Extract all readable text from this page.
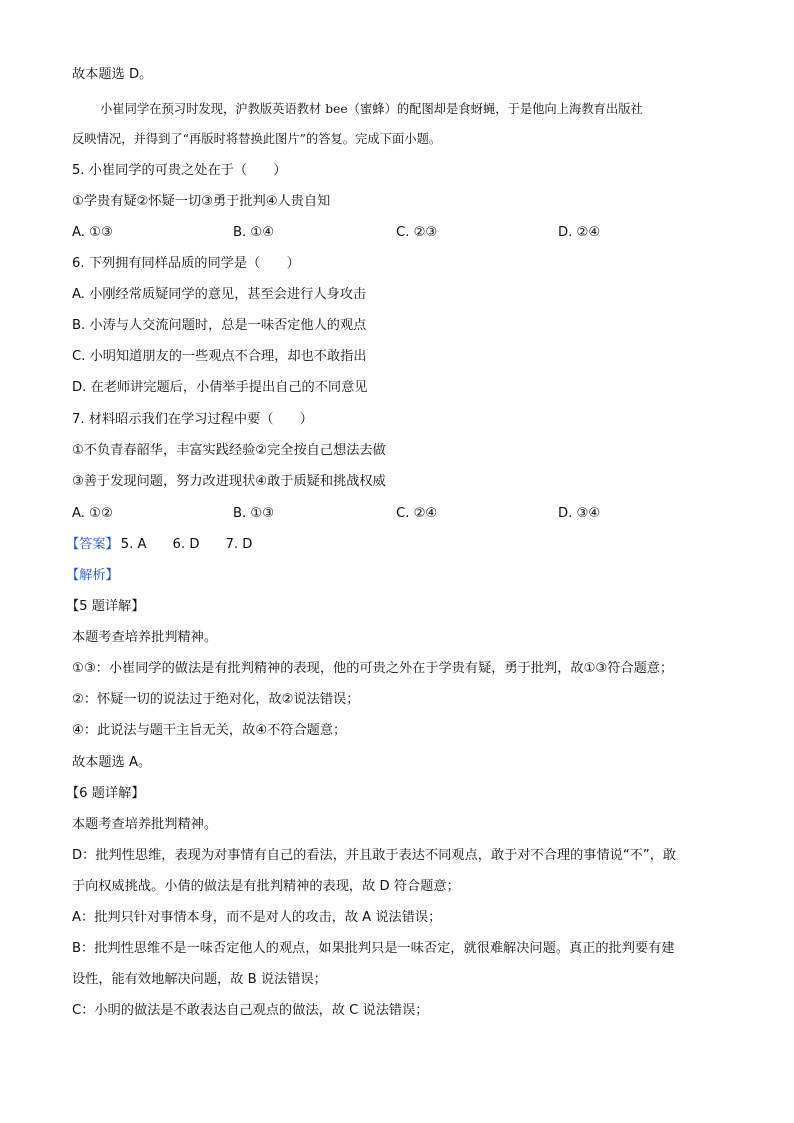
故本题选 D。
小崔同学在预习时发现，沪教版英语教材 bee（蜜蜂）的配图却是食蚜蝇，于是他向上海教育出版社
反映情况，并得到了“再版时将替换此图片”的答复。完成下面小题。
5. 小崔同学的可贵之处在于（　　）
①学贵有疑②怀疑一切③勇于批判④人贵自知
A. ①③	B. ①④	C. ②③	D. ②④
6. 下列拥有同样品质的同学是（　　）
A. 小刚经常质疑同学的意见，甚至会进行人身攻击
B. 小涛与人交流问题时，总是一味否定他人的观点
C. 小明知道朋友的一些观点不合理，却也不敢指出
D. 在老师讲完题后，小倩举手提出自己的不同意见
7. 材料昭示我们在学习过程中要（　　）
①不负青春韶华，丰富实践经验②完全按自己想法去做
③善于发现问题，努力改进现状④敢于质疑和挑战权威
A. ①②	B. ①③	C. ②④	D. ③④
【答案】 5. A 6. D 7. D
【解析】
【5 题详解】
本题考查培养批判精神。
①③：小崔同学的做法是有批判精神的表现，他的可贵之外在于学贵有疑，勇于批判，故①③符合题意；
②：怀疑一切的说法过于绝对化，故②说法错误；
④：此说法与题干主旨无关，故④不符合题意；
故本题选 A。
【6 题详解】
本题考查培养批判精神。
D：批判性思维，表现为对事情有自己的看法，并且敢于表达不同观点，敢于对不合理的事情说“不”，敢
于向权威挑战。小倩的做法是有批判精神的表现，故 D 符合题意；
A：批判只针对事情本身，而不是对人的攻击，故 A 说法错误；
B：批判性思维不是一味否定他人的观点，如果批判只是一味否定，就很难解决问题。真正的批判要有建
设性，能有效地解决问题，故 B 说法错误；
C：小明的做法是不敢表达自己观点的做法，故 C 说法错误；
